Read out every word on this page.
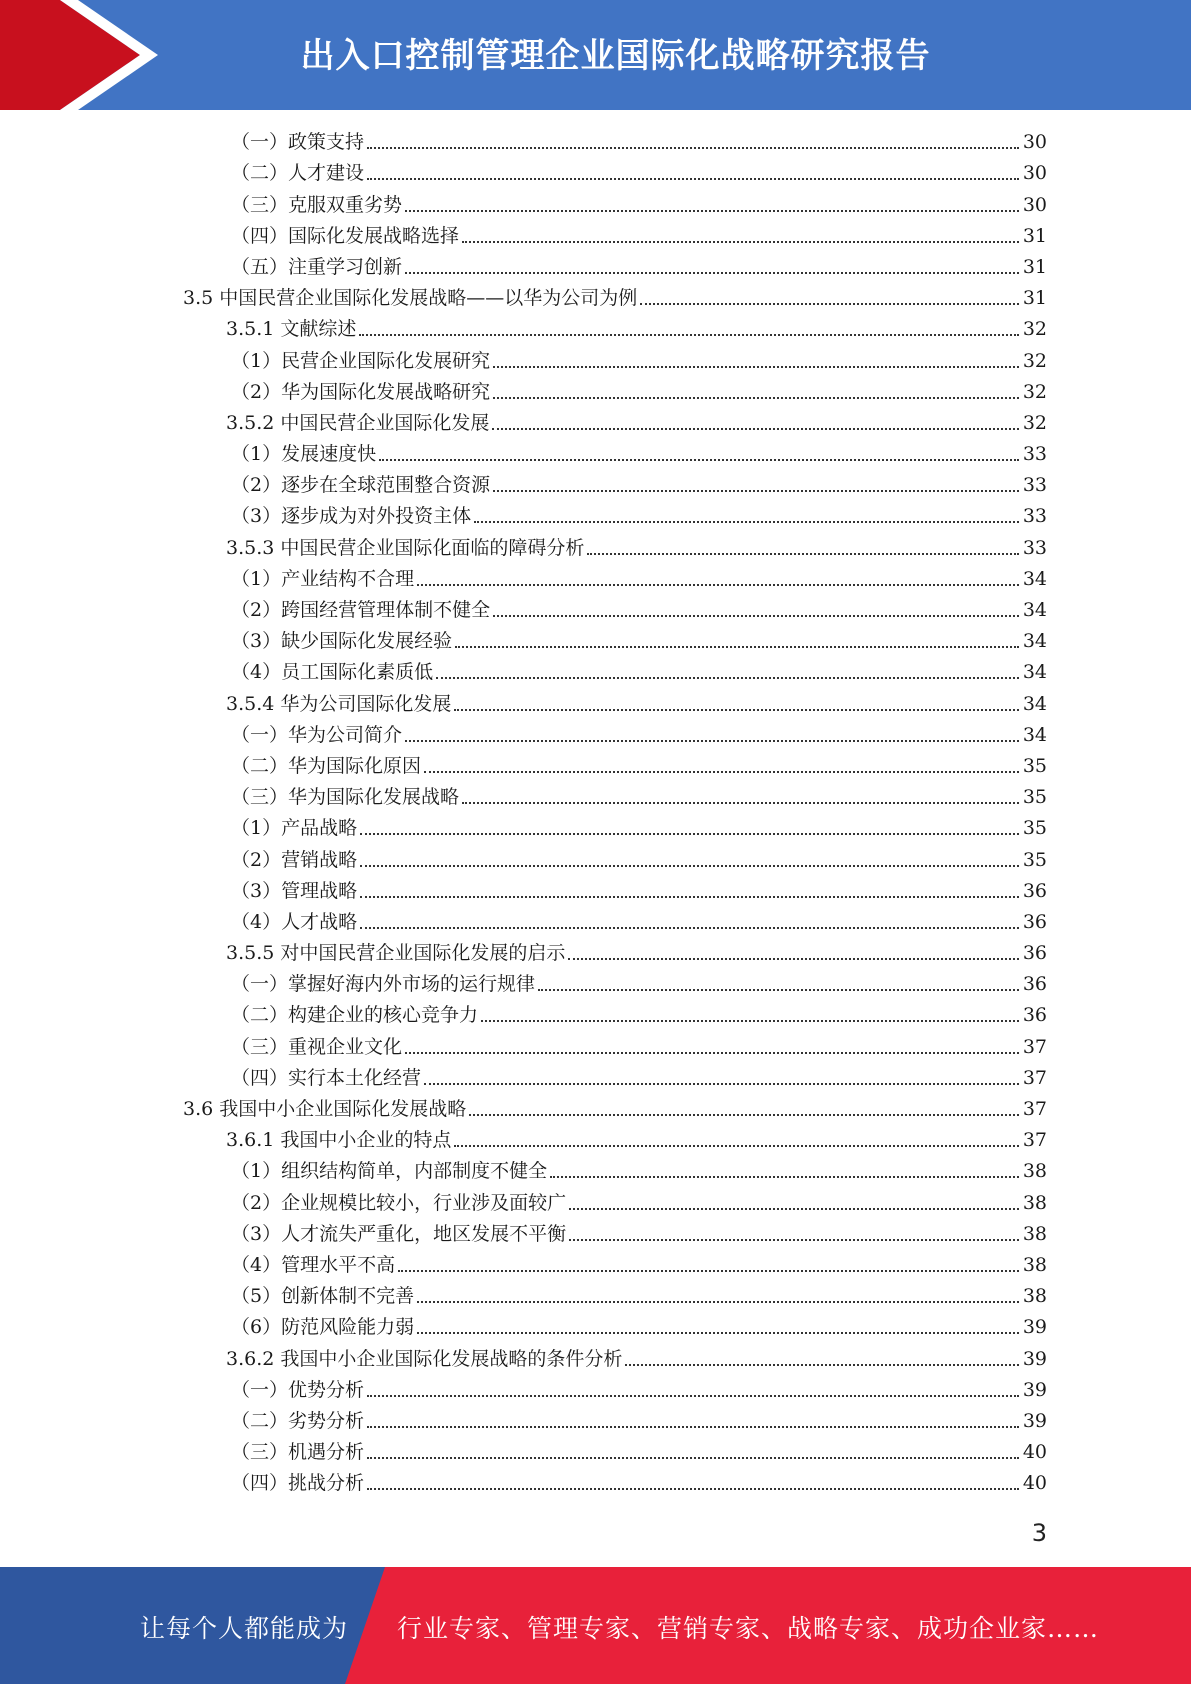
出入口控制管理企业国际化战略研究报告
（一）政策支持	30
（二）人才建设	30
（三）克服双重劣势	30
（四）国际化发展战略选择	31
（五）注重学习创新	31
3.5 中国民营企业国际化发展战略——以华为公司为例	31
3.5.1 文献综述	32
（1）民营企业国际化发展研究	32
（2）华为国际化发展战略研究	32
3.5.2 中国民营企业国际化发展	32
（1）发展速度快	33
（2）逐步在全球范围整合资源	33
（3）逐步成为对外投资主体	33
3.5.3 中国民营企业国际化面临的障碍分析	33
（1）产业结构不合理	34
（2）跨国经营管理体制不健全	34
（3）缺少国际化发展经验	34
（4）员工国际化素质低	34
3.5.4 华为公司国际化发展	34
（一）华为公司简介	34
（二）华为国际化原因	35
（三）华为国际化发展战略	35
（1）产品战略	35
（2）营销战略	35
（3）管理战略	36
（4）人才战略	36
3.5.5 对中国民营企业国际化发展的启示	36
（一）掌握好海内外市场的运行规律	36
（二）构建企业的核心竞争力	36
（三）重视企业文化	37
（四）实行本土化经营	37
3.6 我国中小企业国际化发展战略	37
3.6.1 我国中小企业的特点	37
（1）组织结构简单，内部制度不健全	38
（2）企业规模比较小，行业涉及面较广	38
（3）人才流失严重化，地区发展不平衡	38
（4）管理水平不高	38
（5）创新体制不完善	38
（6）防范风险能力弱	39
3.6.2 我国中小企业国际化发展战略的条件分析	39
（一）优势分析	39
（二）劣势分析	39
（三）机遇分析	40
（四）挑战分析	40
3
让每个人都能成为 行业专家、管理专家、营销专家、战略专家、成功企业家……
